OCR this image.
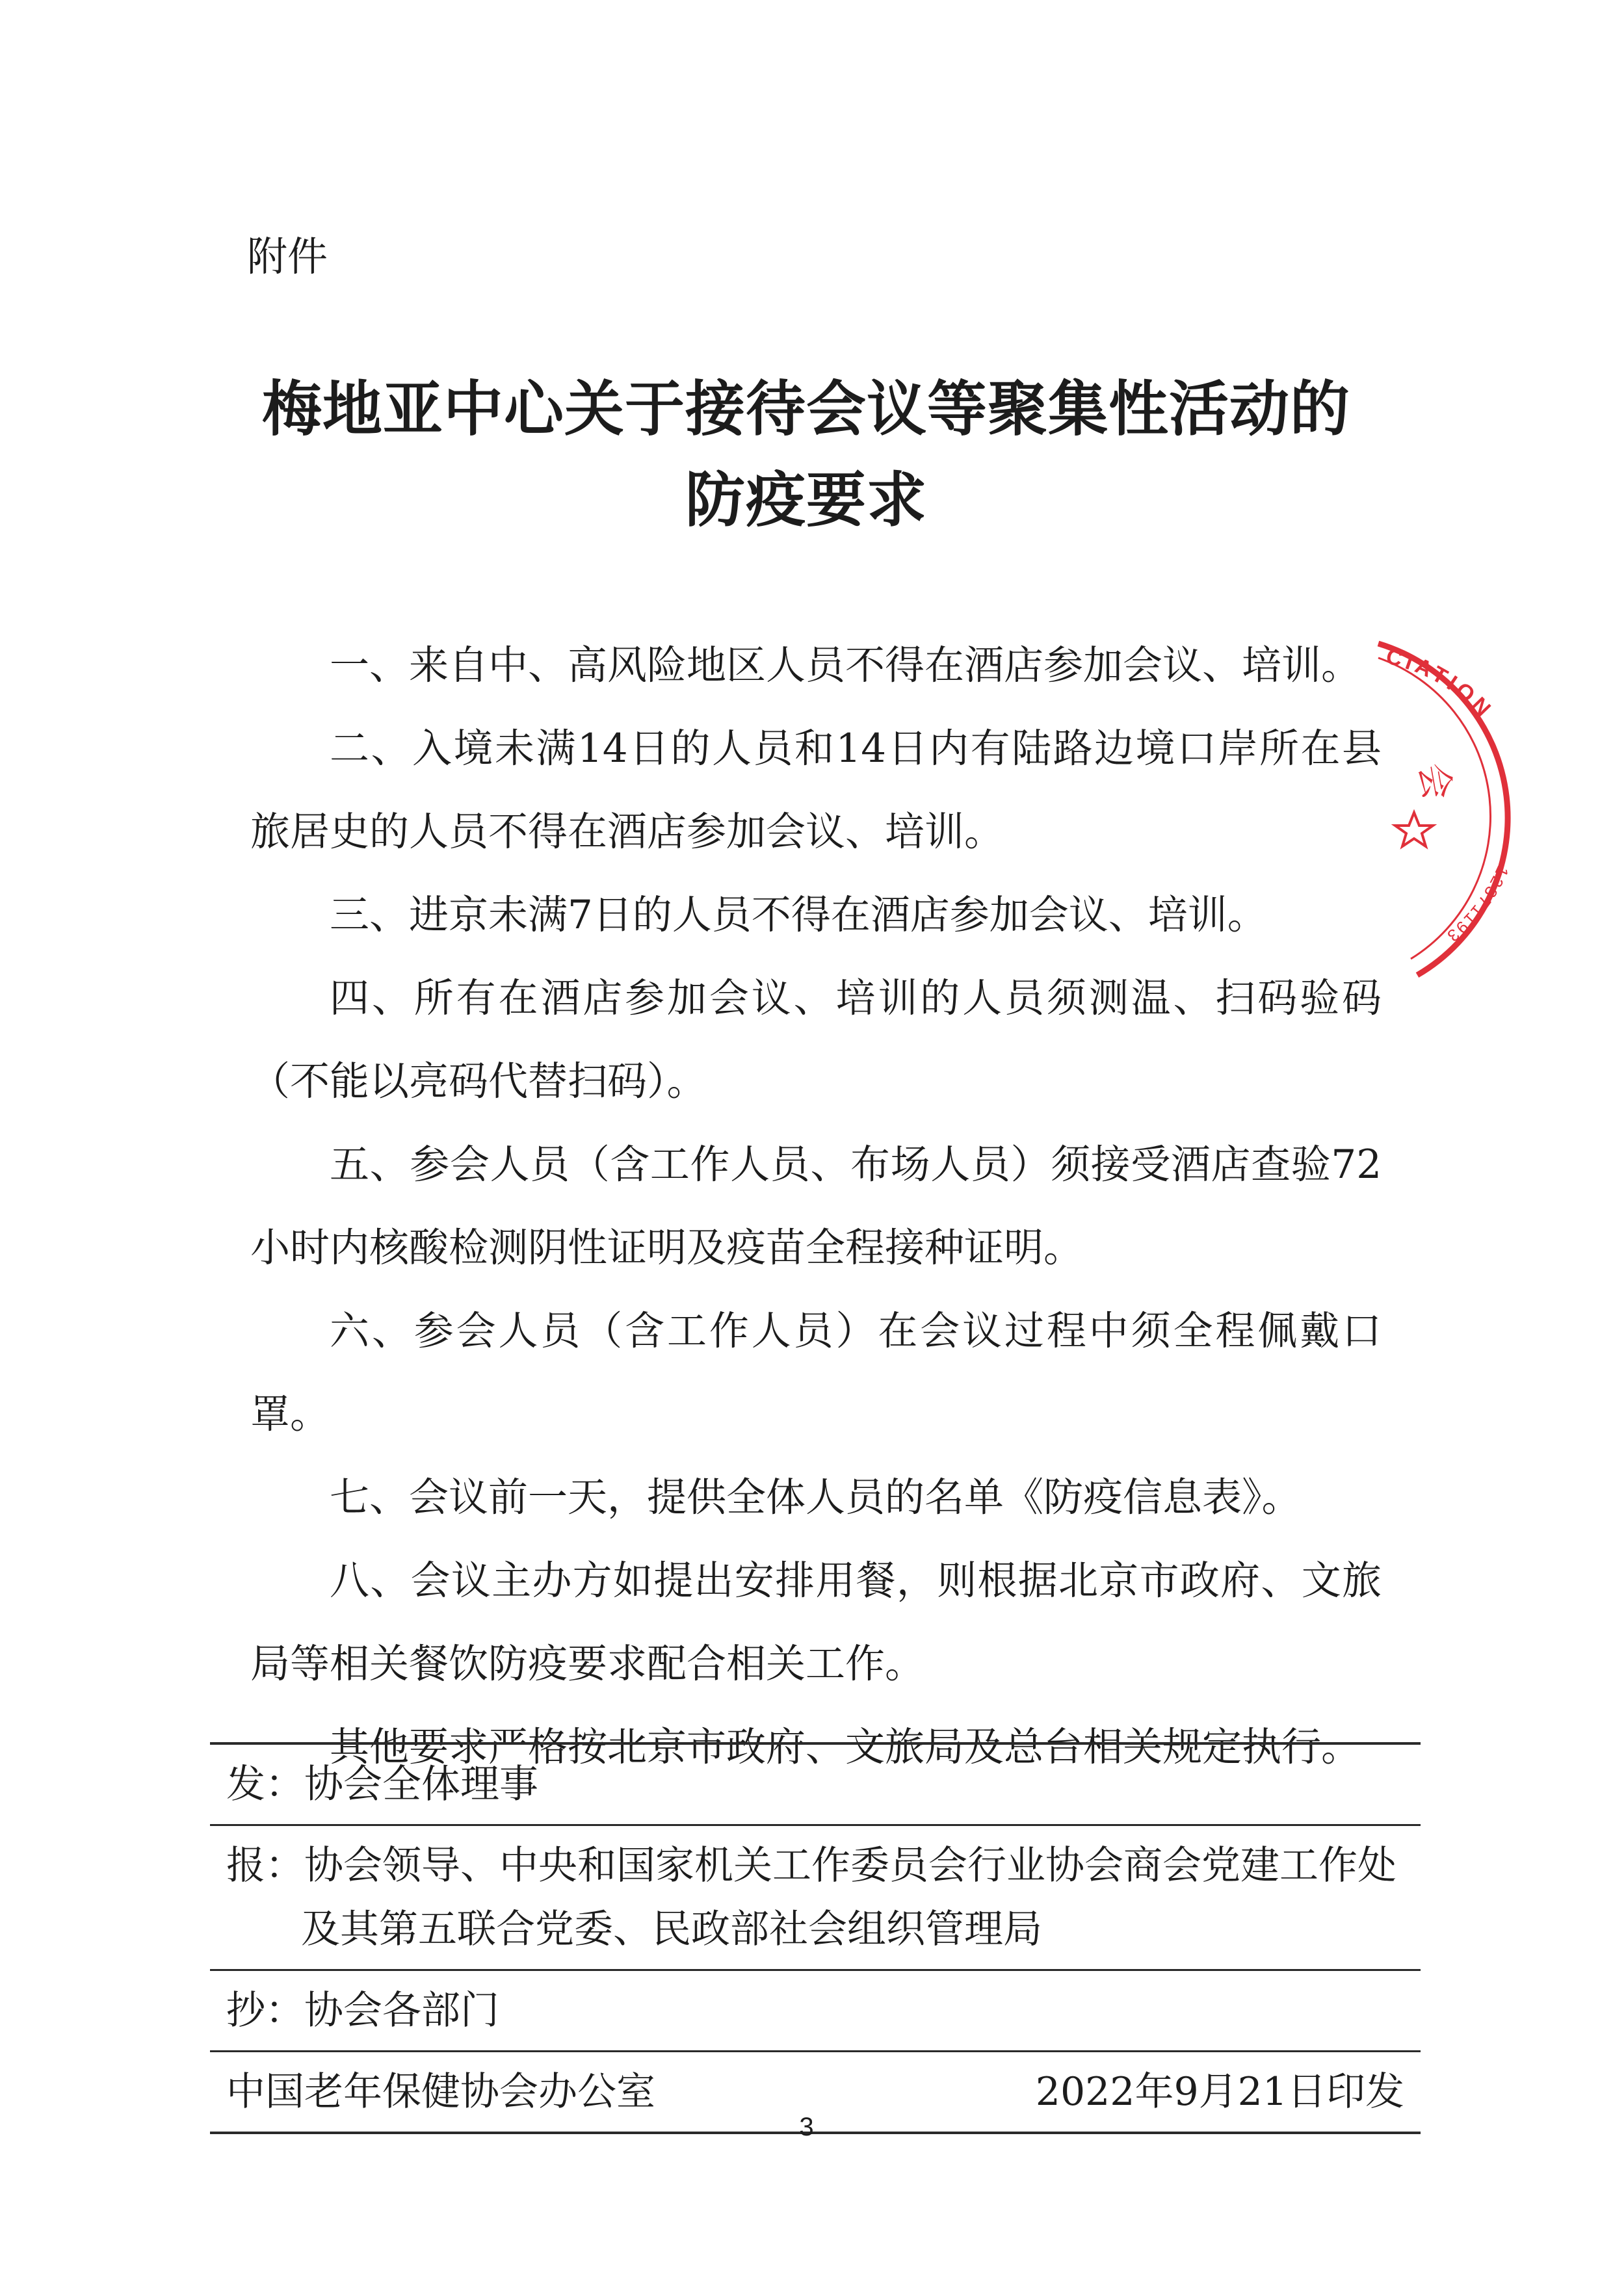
附件
梅地亚中心关于接待会议等聚集性活动的
防疫要求

一、来自中、高风险地区人员不得在酒店参加会议、培训。

二、入境未满14日的人员和14日内有陆路边境口岸所在县旅居史的人员不得在酒店参加会议、培训。

三、进京未满7日的人员不得在酒店参加会议、培训。

四、所有在酒店参加会议、培训的人员须测温、扫码验码（不能以亮码代替扫码）。

五、参会人员（含工作人员、布场人员）须接受酒店查验72小时内核酸检测阴性证明及疫苗全程接种证明。

六、参会人员（含工作人员）在会议过程中须全程佩戴口罩。

七、会议前一天，提供全体人员的名单《防疫信息表》。

八、会议主办方如提出安排用餐，则根据北京市政府、文旅局等相关餐饮防疫要求配合相关工作。

其他要求严格按北京市政府、文旅局及总台相关规定执行。

发：协会全体理事
报：协会领导、中央和国家机关工作委员会行业协会商会党建工作处及其第五联合党委、民政部社会组织管理局
抄：协会各部门
中国老年保健协会办公室	2022年9月21日印发
3
CIATION
12371193
会
